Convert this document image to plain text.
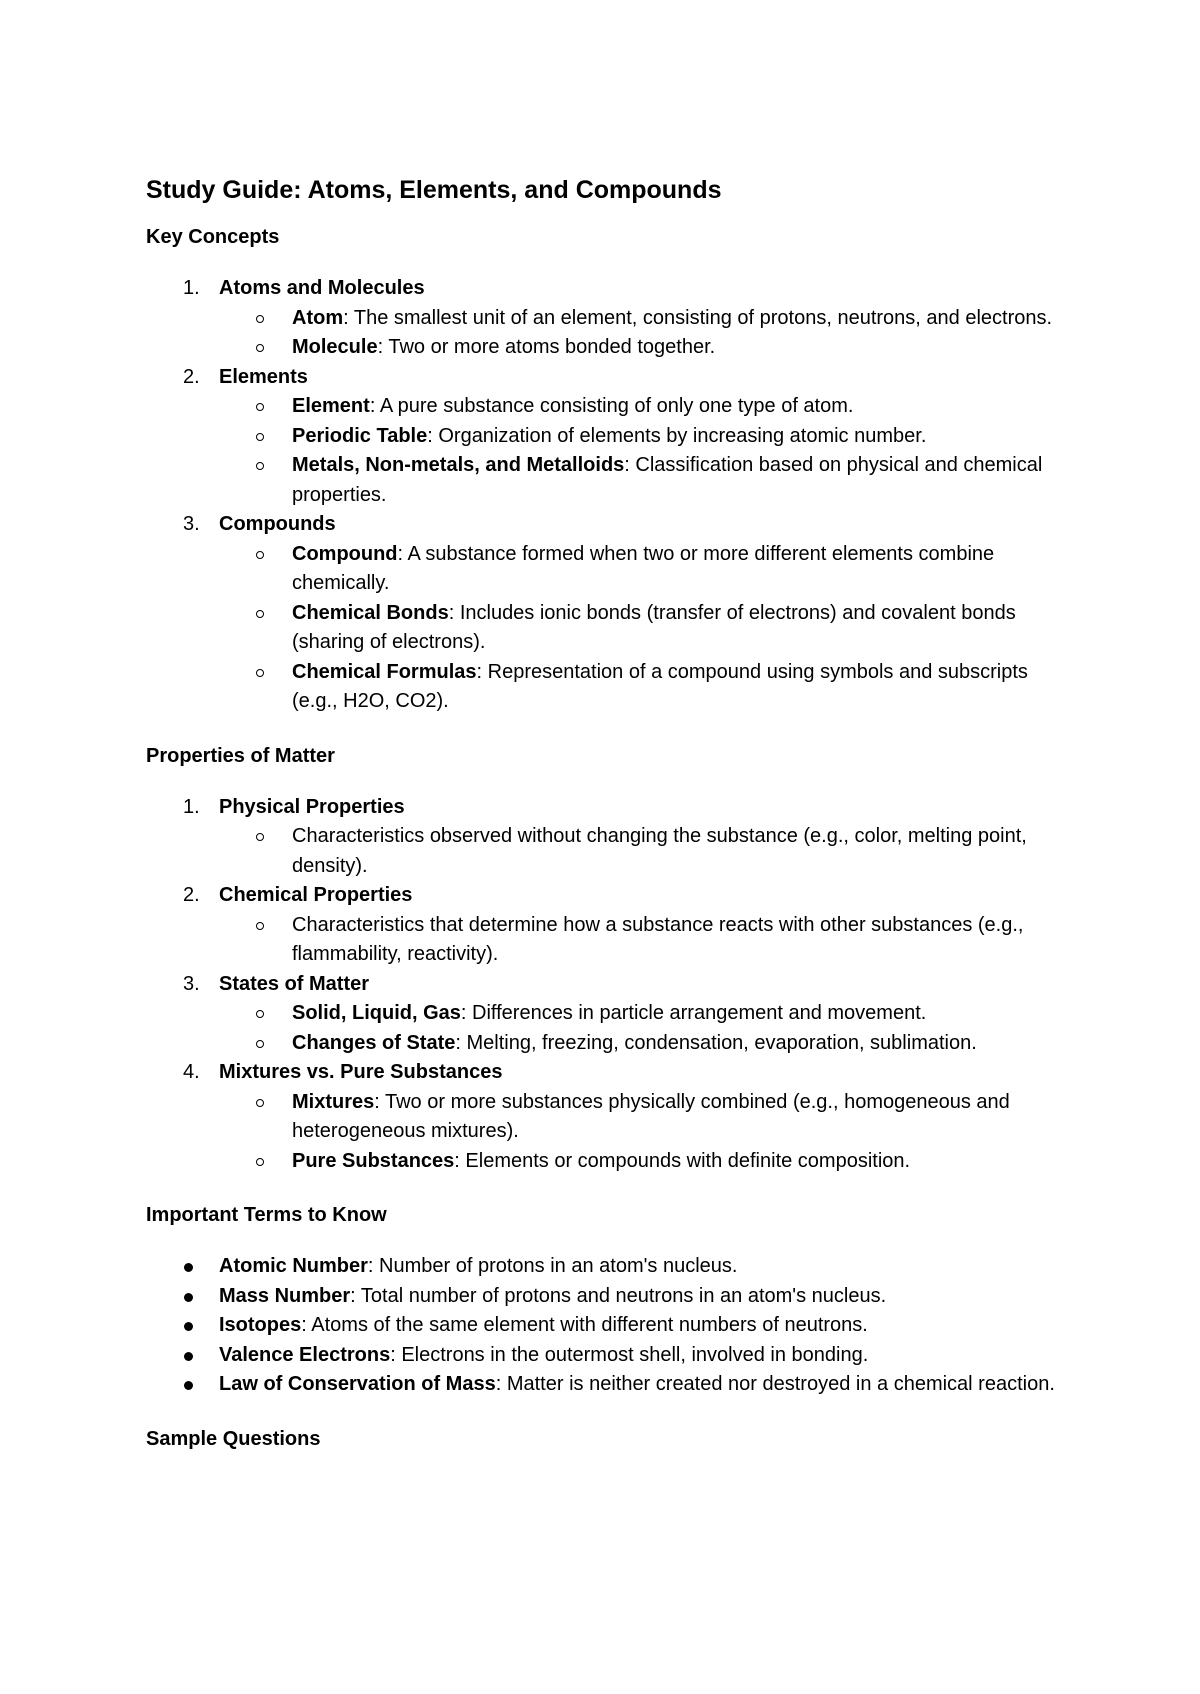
Study Guide: Atoms, Elements, and Compounds
Key Concepts
1. Atoms and Molecules
Atom: The smallest unit of an element, consisting of protons, neutrons, and electrons.
Molecule: Two or more atoms bonded together.
2. Elements
Element: A pure substance consisting of only one type of atom.
Periodic Table: Organization of elements by increasing atomic number.
Metals, Non-metals, and Metalloids: Classification based on physical and chemical properties.
3. Compounds
Compound: A substance formed when two or more different elements combine chemically.
Chemical Bonds: Includes ionic bonds (transfer of electrons) and covalent bonds (sharing of electrons).
Chemical Formulas: Representation of a compound using symbols and subscripts (e.g., H2O, CO2).
Properties of Matter
1. Physical Properties
Characteristics observed without changing the substance (e.g., color, melting point, density).
2. Chemical Properties
Characteristics that determine how a substance reacts with other substances (e.g., flammability, reactivity).
3. States of Matter
Solid, Liquid, Gas: Differences in particle arrangement and movement.
Changes of State: Melting, freezing, condensation, evaporation, sublimation.
4. Mixtures vs. Pure Substances
Mixtures: Two or more substances physically combined (e.g., homogeneous and heterogeneous mixtures).
Pure Substances: Elements or compounds with definite composition.
Important Terms to Know
Atomic Number: Number of protons in an atom's nucleus.
Mass Number: Total number of protons and neutrons in an atom's nucleus.
Isotopes: Atoms of the same element with different numbers of neutrons.
Valence Electrons: Electrons in the outermost shell, involved in bonding.
Law of Conservation of Mass: Matter is neither created nor destroyed in a chemical reaction.
Sample Questions
